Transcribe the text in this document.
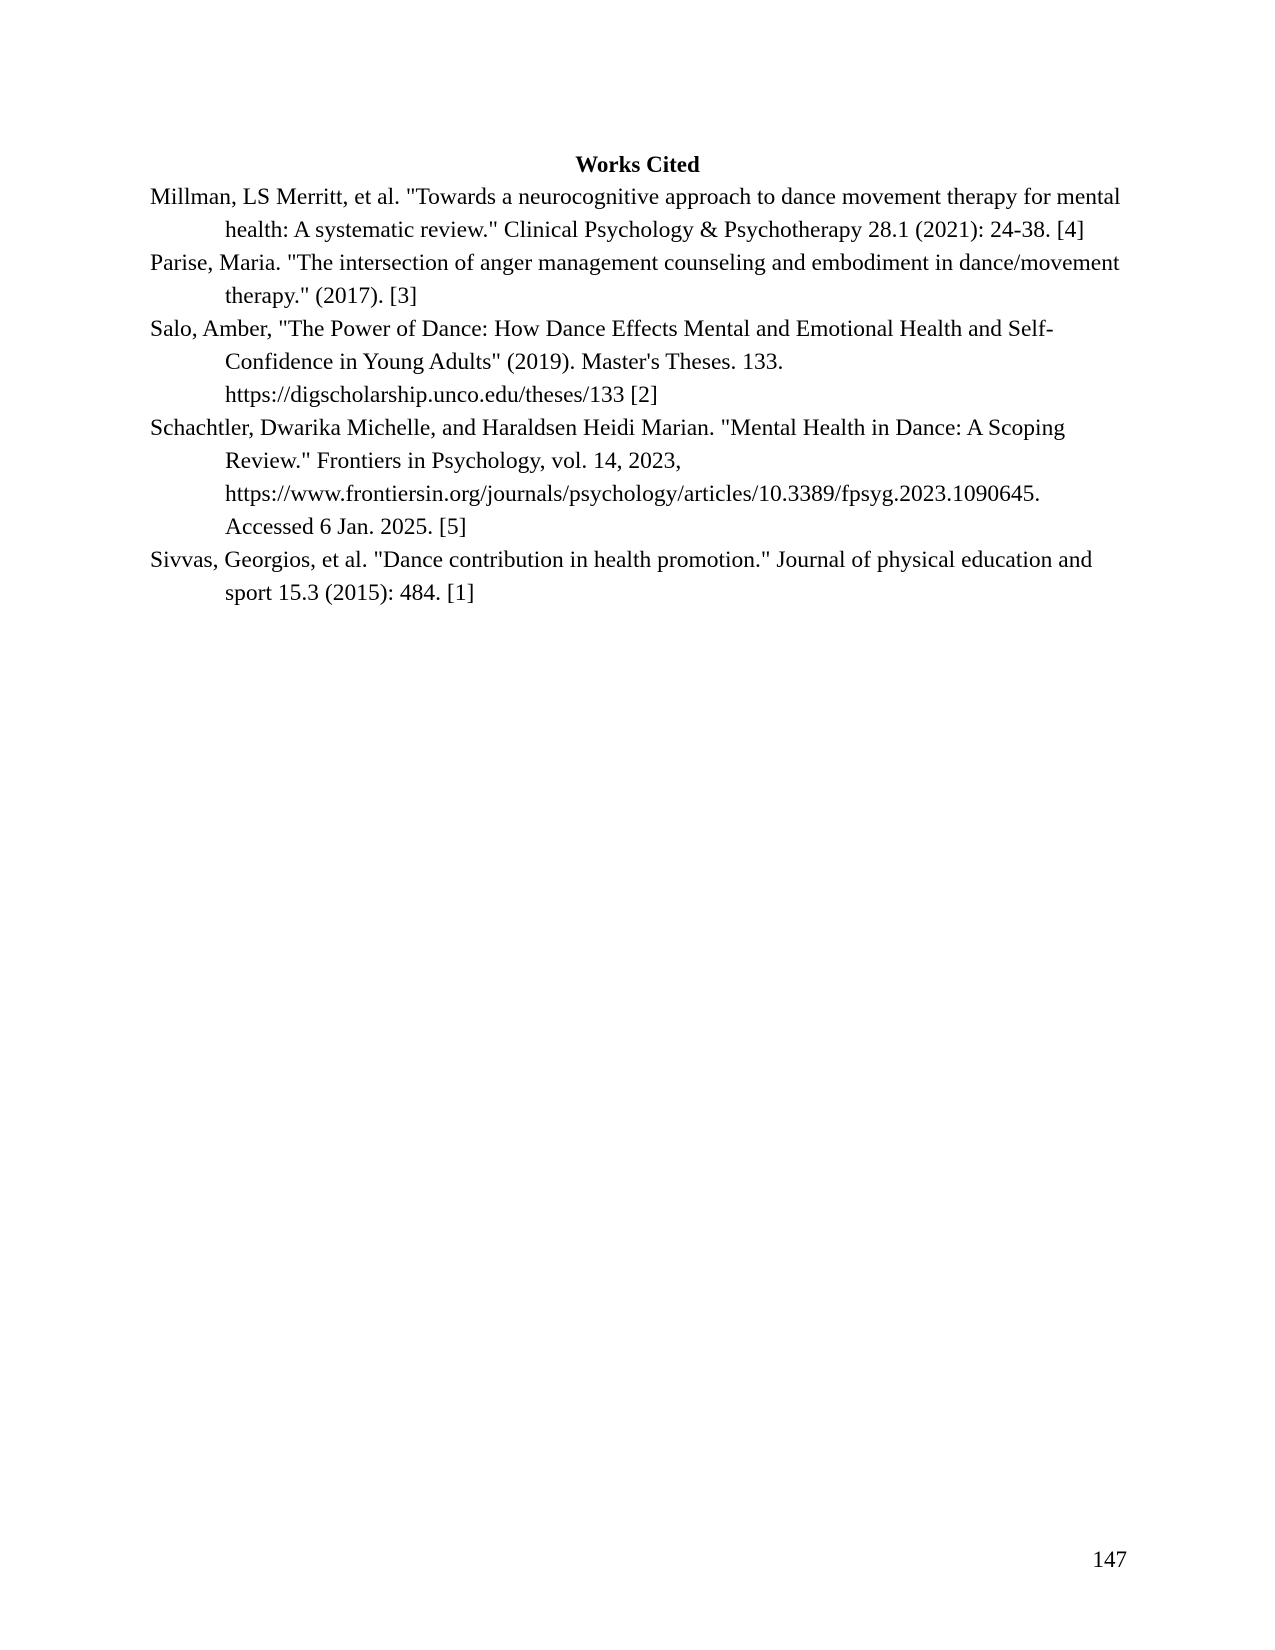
Works Cited
Millman, LS Merritt, et al. "Towards a neurocognitive approach to dance movement therapy for mental health: A systematic review." Clinical Psychology & Psychotherapy 28.1 (2021): 24-38. [4]
Parise, Maria. "The intersection of anger management counseling and embodiment in dance/movement therapy." (2017). [3]
Salo, Amber, "The Power of Dance: How Dance Effects Mental and Emotional Health and Self-Confidence in Young Adults" (2019). Master's Theses. 133. https://digscholarship.unco.edu/theses/133 [2]
Schachtler, Dwarika Michelle, and Haraldsen Heidi Marian. "Mental Health in Dance: A Scoping Review." Frontiers in Psychology, vol. 14, 2023, https://www.frontiersin.org/journals/psychology/articles/10.3389/fpsyg.2023.1090645. Accessed 6 Jan. 2025. [5]
Sivvas, Georgios, et al. "Dance contribution in health promotion." Journal of physical education and sport 15.3 (2015): 484. [1]
147
